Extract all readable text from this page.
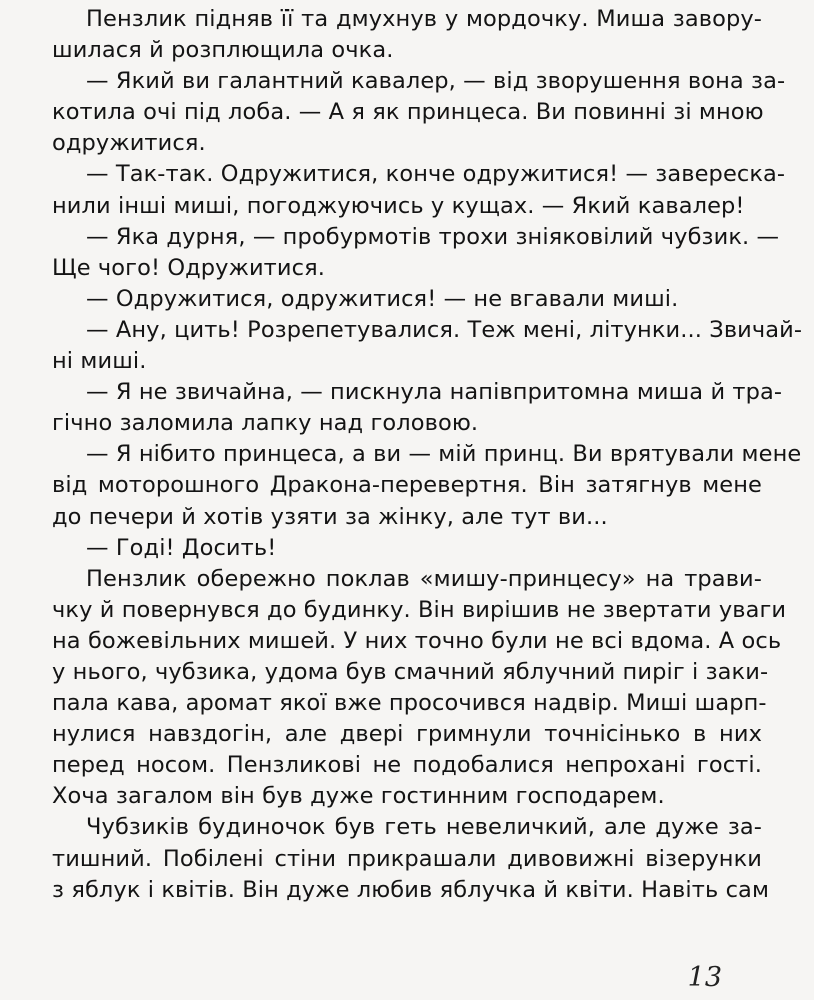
Пензлик підняв її та дмухнув у мордочку. Миша завору-
шилася й розплющила очка.
— Який ви галантний кавалер, — від зворушення вона за-
котила очі під лоба. — А я як принцеса. Ви повинні зі мною
одружитися.
— Так-так. Одружитися, конче одружитися! — заверeска-
нили інші миші, погоджуючись у кущах. — Який кавалер!
— Яка дурня, — пробурмотів трохи зніяковілий чубзик. —
Ще чого! Одружитися.
— Одружитися, одружитися! — не вгавали миші.
— Ану, цить! Розрепетувалися. Теж мені, літунки... Звичай-
ні миші.
— Я не звичайна, — пискнула напівпритомна миша й тра-
гічно заломила лапку над головою.
— Я нібито принцеса, а ви — мій принц. Ви врятували мене
від моторошного Дракона-перевертня. Він затягнув мене
до печери й хотів узяти за жінку, але тут ви...
— Годі! Досить!
Пензлик обережно поклав «мишу-принцесу» на трави-
чку й повернувся до будинку. Він вирішив не звертати уваги
на божевільних мишей. У них точно були не всі вдома. А ось
у нього, чубзика, удома був смачний яблучний пиріг і заки-
пала кава, аромат якої вже просочився надвір. Миші шарп-
нулися навздогін, але двері гримнули точнісінько в них
перед носом. Пензликові не подобалися непрохані гості.
Хоча загалом він був дуже гостинним господарем.
Чубзиків будиночок був геть невеличкий, але дуже за-
тишний. Побілені стіни прикрашали дивовижні візерунки
з яблук і квітів. Він дуже любив яблучка й квіти. Навіть сам
13
